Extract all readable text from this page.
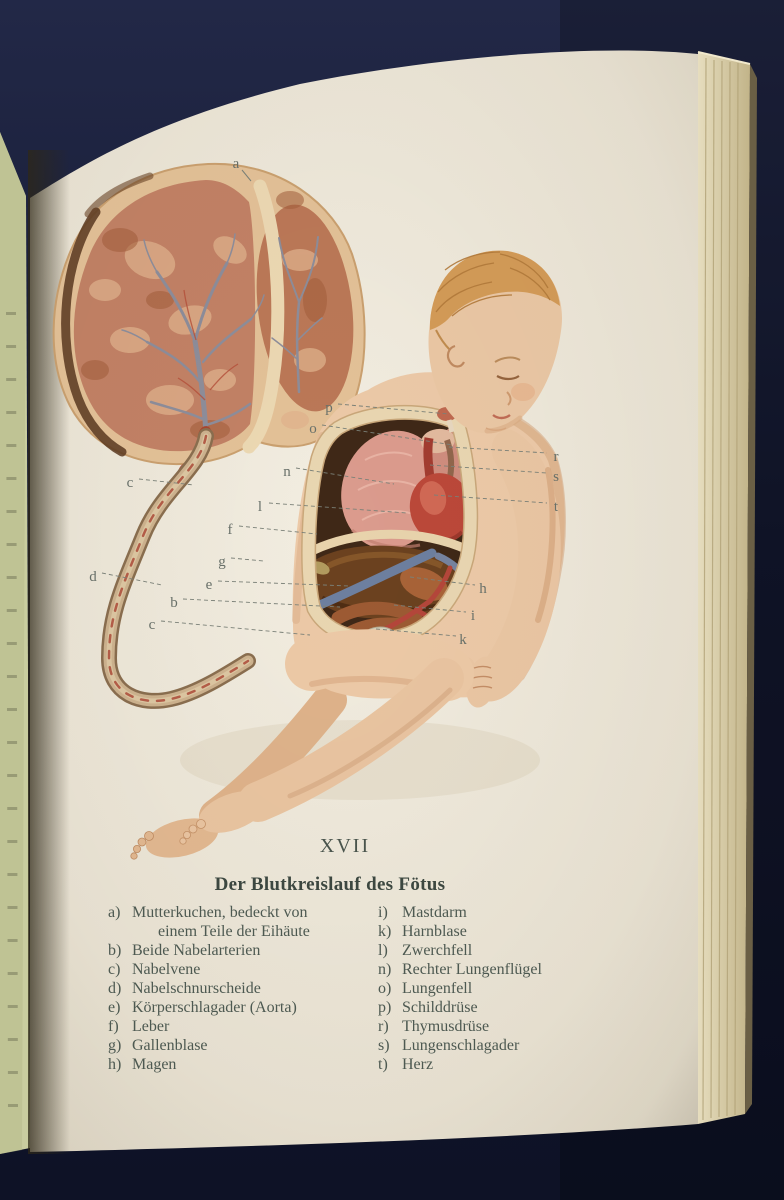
XVII
Der Blutkreislauf des Fötus
a) Mutterkuchen, bedeckt von
einem Teile der Eihäute
b) Beide Nabelarterien
c) Nabelvene
d) Nabelschnurscheide
e) Körperschlagader (Aorta)
f) Leber
g) Gallenblase
h) Magen
i) Mastdarm
k) Harnblase
l) Zwerchfell
n) Rechter Lungenflügel
o) Lungenfell
p) Schilddrüse
r) Thymusdrüse
s) Lungenschlagader
t) Herz
